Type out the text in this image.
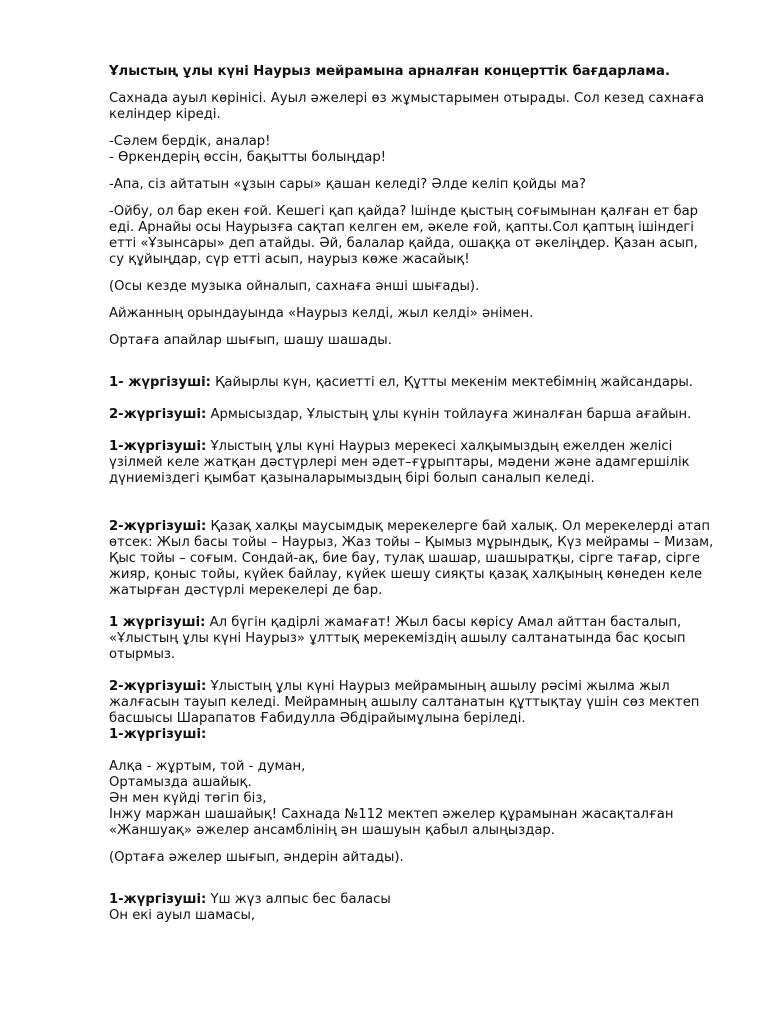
Ұлыстың ұлы күні Наурыз мейрамына арналған концерттік бағдарлама.

Сахнада ауыл көрінісі. Ауыл әжелері өз жұмыстарымен отырады. Сол кезед сахнаға келіндер кіреді.

-Сәлем бердік, аналар!
- Өркендерің өссін, бақытты болыңдар!

-Апа, сіз айтатын «ұзын сары» қашан келеді? Әлде келіп қойды ма?

-Ойбу, ол бар екен ғой. Кешегі қап қайда? Ішінде қыстың соғымынан қалған ет бар еді. Арнайы осы Наурызға сақтап келген ем, әкеле ғой, қапты.Сол қаптың ішіндегі етті «Ұзынсары» деп атайды. Әй, балалар қайда, ошаққа от әкеліңдер. Қазан асып, су құйыңдар, сүр етті асып, наурыз көже жасайық!

(Осы кезде музыка ойналып, сахнаға әнші шығады).

Айжанның орындауында «Наурыз келді, жыл келді» әнімен.

Ортаға апайлар шығып, шашу шашады.

1- жүргізуші: Қайырлы күн, қасиетті ел, Құтты мекенім мектебімнің жайсандары.

2-жүргізуші: Армысыздар, Ұлыстың ұлы күнін тойлауға жиналған барша ағайын.

1-жүргізуші: Ұлыстың ұлы күні Наурыз мерекесі халқымыздың ежелден желісі үзілмей келе жатқан дәстүрлері мен әдет–ғұрыптары, мәдени және адамгершілік дүниеміздегі қымбат қазыналарымыздың бірі болып саналып келеді.

2-жүргізуші: Қазақ халқы маусымдық мерекелерге бай халық. Ол мерекелерді атап өтсек: Жыл басы тойы – Наурыз, Жаз тойы – Қымыз мұрындық, Күз мейрамы – Мизам, Қыс тойы – соғым. Сондай-ақ, бие бау, тулақ шашар, шашыратқы, сірге тағар, сірге жияр, қоныс тойы, күйек байлау, күйек шешу сияқты қазақ халқының көнеден келе жатырған дәстүрлі мерекелері де бар.

1 жүргізуші: Ал бүгін қадірлі жамағат! Жыл басы көрісу Амал айттан басталып, «Ұлыстың ұлы күні Наурыз» ұлттық мерекеміздің ашылу салтанатында бас қосып отырмыз.

2-жүргізуші: Ұлыстың ұлы күні Наурыз мейрамының ашылу рәсімі жылма жыл жалғасын тауып келеді. Мейрамның ашылу салтанатын құттықтау үшін сөз мектеп басшысы Шарапатов Ғабидулла Әбдірайымұлына беріледі.

1-жүргізуші:

Алқа - жұртым, той - думан,
Ортамызда ашайық.
Ән мен күйді төгіп біз,
Інжу маржан шашайық! Сахнада №112 мектеп әжелер құрамынан жасақталған «Жаншуақ» әжелер ансамблінің ән шашуын қабыл алыңыздар.

(Ортаға әжелер шығып, әндерін айтады).

1-жүргізуші: Үш жүз алпыс бес баласы

Он екі ауыл шамасы,
